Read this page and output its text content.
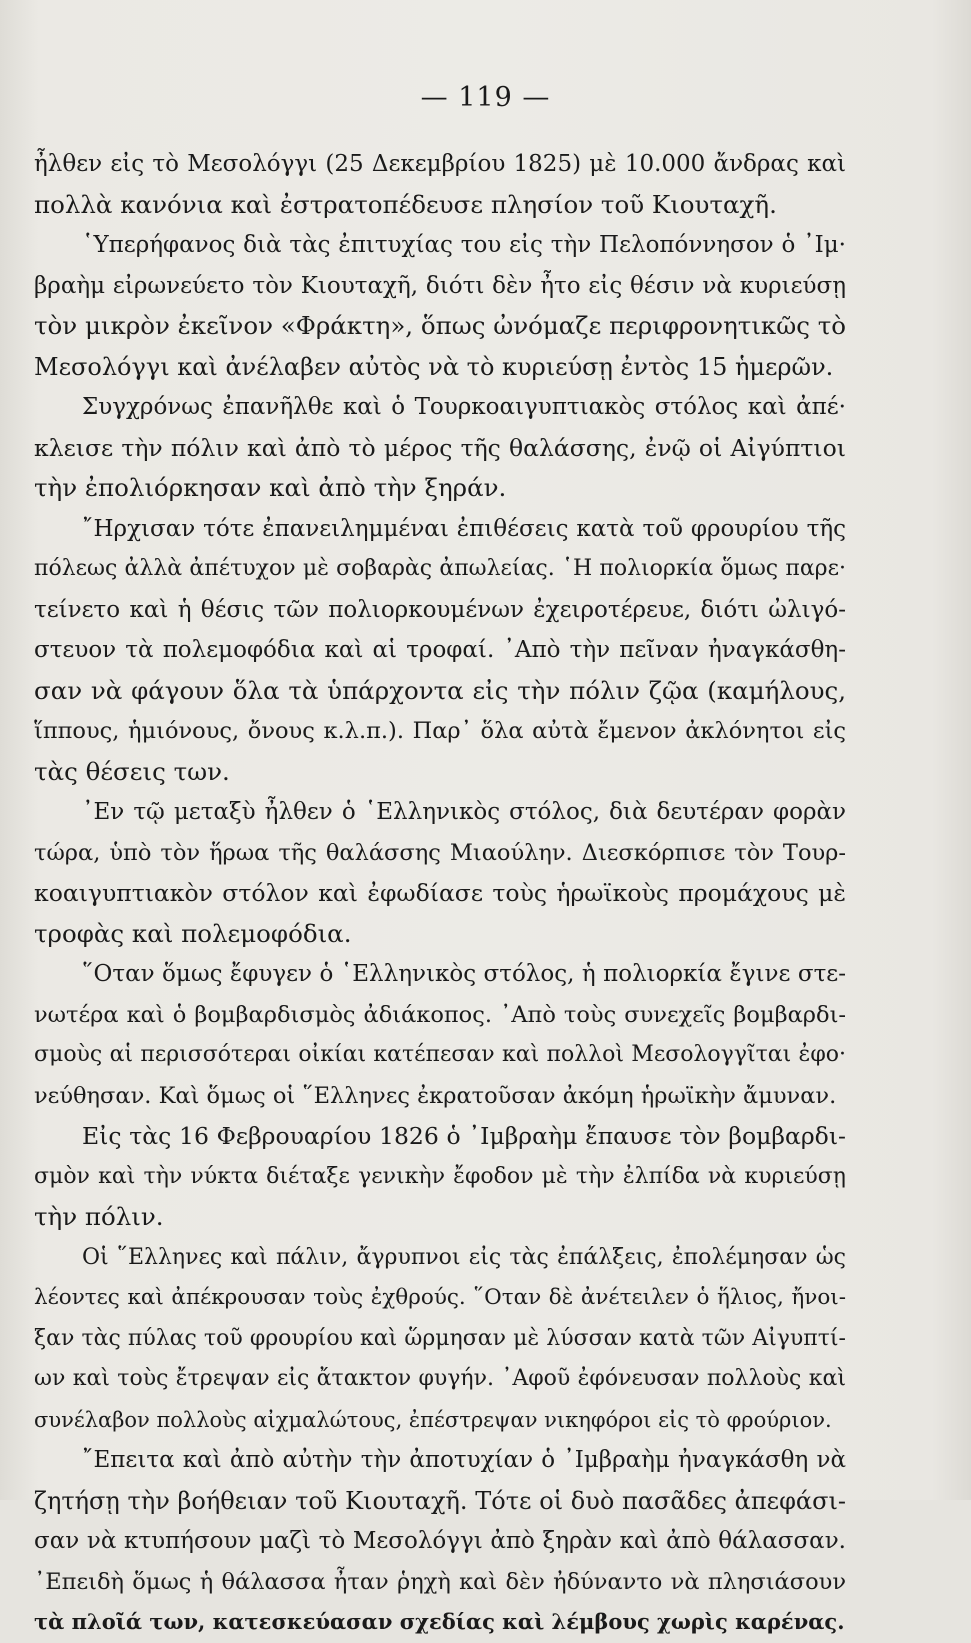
— 119 —
ἦλθεν εἰς τὸ Μεσολόγγι (25 Δεκεμβρίου 1825) μὲ 10.000 ἄνδρας καὶ
πολλὰ κανόνια καὶ ἐστρατοπέδευσε πλησίον τοῦ Κιουταχῆ.
῾Υπερήφανος διὰ τὰς ἐπιτυχίας του εἰς τὴν Πελοπόννησον ὁ ᾽Ιμ·
βραὴμ εἰρωνεύετο τὸν Κιουταχῆ, διότι δὲν ἦτο εἰς θέσιν νὰ κυριεύσῃ
τὸν μικρὸν ἐκεῖνον «Φράκτη», ὅπως ὠνόμαζε περιφρονητικῶς τὸ
Μεσολόγγι καὶ ἀνέλαβεν αὐτὸς νὰ τὸ κυριεύσῃ ἐντὸς 15 ἡμερῶν.
Συγχρόνως ἐπανῆλθε καὶ ὁ Τουρκοαιγυπτιακὸς στόλος καὶ ἀπέ·
κλεισε τὴν πόλιν καὶ ἀπὸ τὸ μέρος τῆς θαλάσσης, ἐνῷ οἱ Αἰγύπτιοι
τὴν ἐπολιόρκησαν καὶ ἀπὸ τὴν ξηράν.
῎Ηρχισαν τότε ἐπανειλημμέναι ἐπιθέσεις κατὰ τοῦ φρουρίου τῆς
πόλεως ἀλλὰ ἀπέτυχον μὲ σοβαρὰς ἀπωλείας. ῾Η πολιορκία ὅμως παρε·
τείνετο καὶ ἡ θέσις τῶν πολιορκουμένων ἐχειροτέρευε, διότι ὠλιγό-
στευον τὰ πολεμοφόδια καὶ αἱ τροφαί. ᾽Απὸ τὴν πεῖναν ἠναγκάσθη-
σαν νὰ φάγουν ὅλα τὰ ὑπάρχοντα εἰς τὴν πόλιν ζῷα (καμήλους,
ἵππους, ἡμιόνους, ὄνους κ.λ.π.). Παρ᾽ ὅλα αὐτὰ ἔμενον ἀκλόνητοι εἰς
τὰς θέσεις των.
᾽Εν τῷ μεταξὺ ἦλθεν ὁ ῾Ελληνικὸς στόλος, διὰ δευτέραν φορὰν
τώρα, ὑπὸ τὸν ἥρωα τῆς θαλάσσης Μιαούλην. Διεσκόρπισε τὸν Τουρ-
κοαιγυπτιακὸν στόλον καὶ ἐφωδίασε τοὺς ἡρωϊκοὺς προμάχους μὲ
τροφὰς καὶ πολεμοφόδια.
῞Οταν ὅμως ἔφυγεν ὁ ῾Ελληνικὸς στόλος, ἡ πολιορκία ἔγινε στε-
νωτέρα καὶ ὁ βομβαρδισμὸς ἀδιάκοπος. ᾽Απὸ τοὺς συνεχεῖς βομβαρδι-
σμοὺς αἱ περισσότεραι οἰκίαι κατέπεσαν καὶ πολλοὶ Μεσολογγῖται ἐφο·
νεύθησαν. Καὶ ὅμως οἱ ῞Ελληνες ἐκρατοῦσαν ἀκόμη ἡρωϊκὴν ἄμυναν.
Εἰς τὰς 16 Φεβρουαρίου 1826 ὁ ᾽Ιμβραὴμ ἔπαυσε τὸν βομβαρδι-
σμὸν καὶ τὴν νύκτα διέταξε γενικὴν ἔφοδον μὲ τὴν ἐλπίδα νὰ κυριεύσῃ
τὴν πόλιν.
Οἱ ῞Ελληνες καὶ πάλιν, ἄγρυπνοι εἰς τὰς ἐπάλξεις, ἐπολέμησαν ὡς
λέοντες καὶ ἀπέκρουσαν τοὺς ἐχθρούς. ῞Οταν δὲ ἀνέτειλεν ὁ ἥλιος, ἤνοι-
ξαν τὰς πύλας τοῦ φρουρίου καὶ ὥρμησαν μὲ λύσσαν κατὰ τῶν Αἰγυπτί-
ων καὶ τοὺς ἔτρεψαν εἰς ἄτακτον φυγήν. ᾽Αφοῦ ἐφόνευσαν πολλοὺς καὶ
συνέλαβον πολλοὺς αἰχμαλώτους, ἐπέστρεψαν νικηφόροι εἰς τὸ φρούριον.
῎Επειτα καὶ ἀπὸ αὐτὴν τὴν ἀποτυχίαν ὁ ᾽Ιμβραὴμ ἠναγκάσθη νὰ
ζητήσῃ τὴν βοήθειαν τοῦ Κιουταχῆ. Τότε οἱ δυὸ πασᾶδες ἀπεφάσι-
σαν νὰ κτυπήσουν μαζὶ τὸ Μεσολόγγι ἀπὸ ξηρὰν καὶ ἀπὸ θάλασσαν.
᾽Επειδὴ ὅμως ἡ θάλασσα ἦταν ῥηχὴ καὶ δὲν ἠδύναντο νὰ πλησιάσουν
τὰ πλοῖά των, κατεσκεύασαν σχεδίας καὶ λέμβους χωρὶς καρένας.
